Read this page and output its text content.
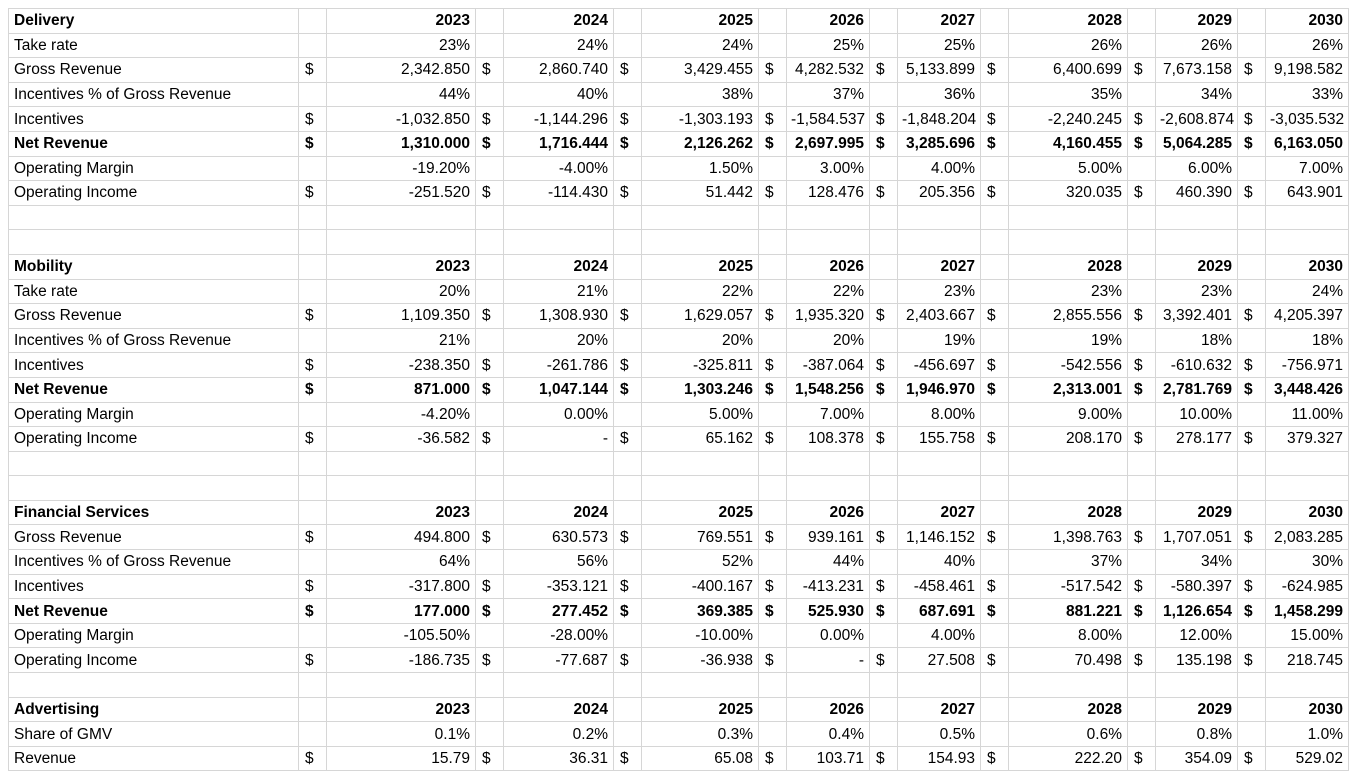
Delivery		2023		2024		2025		2026		2027		2028		2029		2030
Take rate		23%		24%		24%		25%		25%		26%		26%		26%
Gross Revenue	$	2,342.850	$	2,860.740	$	3,429.455	$	4,282.532	$	5,133.899	$	6,400.699	$	7,673.158	$	9,198.582
Incentives % of Gross Revenue		44%		40%		38%		37%		36%		35%		34%		33%
Incentives	$	-1,032.850	$	-1,144.296	$	-1,303.193	$	-1,584.537	$	-1,848.204	$	-2,240.245	$	-2,608.874	$	-3,035.532
Net Revenue	$	1,310.000	$	1,716.444	$	2,126.262	$	2,697.995	$	3,285.696	$	4,160.455	$	5,064.285	$	6,163.050
Operating Margin		-19.20%		-4.00%		1.50%		3.00%		4.00%		5.00%		6.00%		7.00%
Operating Income	$	-251.520	$	-114.430	$	51.442	$	128.476	$	205.356	$	320.035	$	460.390	$	643.901

Mobility		2023		2024		2025		2026		2027		2028		2029		2030
Take rate		20%		21%		22%		22%		23%		23%		23%		24%
Gross Revenue	$	1,109.350	$	1,308.930	$	1,629.057	$	1,935.320	$	2,403.667	$	2,855.556	$	3,392.401	$	4,205.397
Incentives % of Gross Revenue		21%		20%		20%		20%		19%		19%		18%		18%
Incentives	$	-238.350	$	-261.786	$	-325.811	$	-387.064	$	-456.697	$	-542.556	$	-610.632	$	-756.971
Net Revenue	$	871.000	$	1,047.144	$	1,303.246	$	1,548.256	$	1,946.970	$	2,313.001	$	2,781.769	$	3,448.426
Operating Margin		-4.20%		0.00%		5.00%		7.00%		8.00%		9.00%		10.00%		11.00%
Operating Income	$	-36.582	$	-	$	65.162	$	108.378	$	155.758	$	208.170	$	278.177	$	379.327

Financial Services		2023		2024		2025		2026		2027		2028		2029		2030
Gross Revenue	$	494.800	$	630.573	$	769.551	$	939.161	$	1,146.152	$	1,398.763	$	1,707.051	$	2,083.285
Incentives % of Gross Revenue		64%		56%		52%		44%		40%		37%		34%		30%
Incentives	$	-317.800	$	-353.121	$	-400.167	$	-413.231	$	-458.461	$	-517.542	$	-580.397	$	-624.985
Net Revenue	$	177.000	$	277.452	$	369.385	$	525.930	$	687.691	$	881.221	$	1,126.654	$	1,458.299
Operating Margin		-105.50%		-28.00%		-10.00%		0.00%		4.00%		8.00%		12.00%		15.00%
Operating Income	$	-186.735	$	-77.687	$	-36.938	$	-	$	27.508	$	70.498	$	135.198	$	218.745

Advertising		2023		2024		2025		2026		2027		2028		2029		2030
Share of GMV		0.1%		0.2%		0.3%		0.4%		0.5%		0.6%		0.8%		1.0%
Revenue	$	15.79	$	36.31	$	65.08	$	103.71	$	154.93	$	222.20	$	354.09	$	529.02
